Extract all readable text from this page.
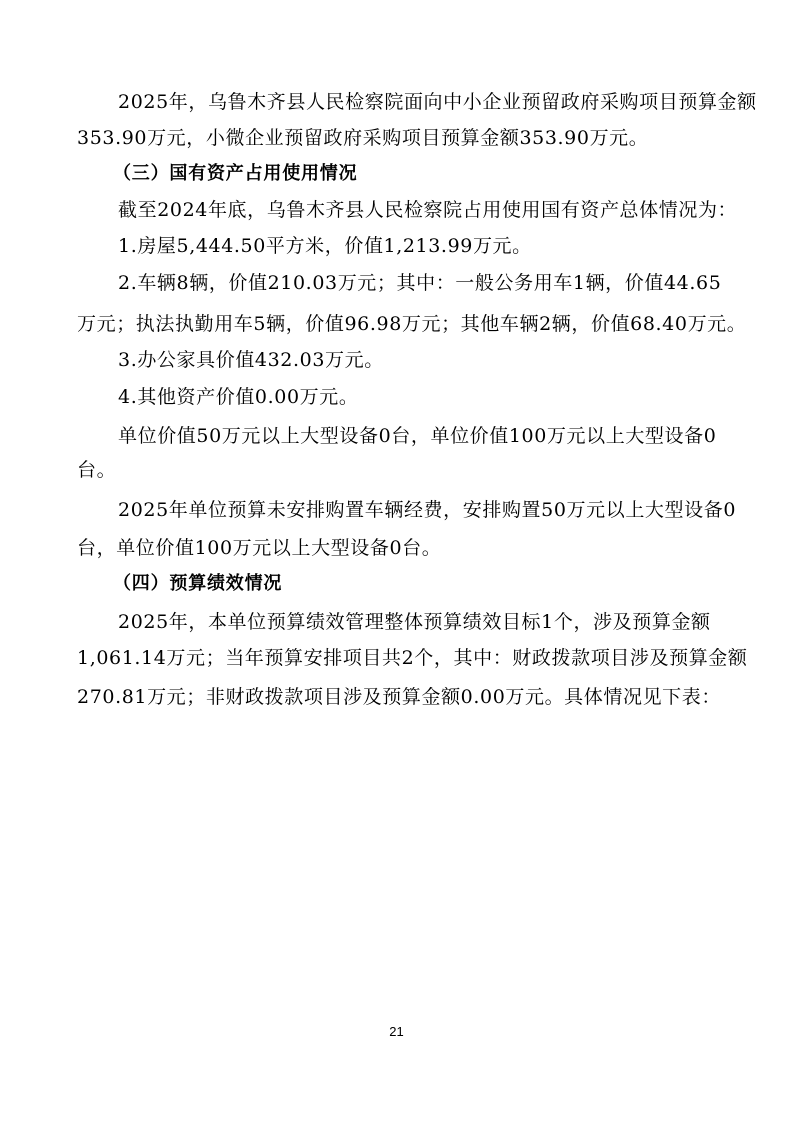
2025年，乌鲁木齐县人民检察院面向中小企业预留政府采购项目预算金额
353.90万元，小微企业预留政府采购项目预算金额353.90万元。
（三）国有资产占用使用情况
截至2024年底，乌鲁木齐县人民检察院占用使用国有资产总体情况为：
1.房屋5,444.50平方米，价值1,213.99万元。
2.车辆8辆，价值210.03万元；其中：一般公务用车1辆，价值44.65
万元；执法执勤用车5辆，价值96.98万元；其他车辆2辆，价值68.40万元。
3.办公家具价值432.03万元。
4.其他资产价值0.00万元。
单位价值50万元以上大型设备0台，单位价值100万元以上大型设备0
台。
2025年单位预算未安排购置车辆经费，安排购置50万元以上大型设备0
台，单位价值100万元以上大型设备0台。
（四）预算绩效情况
2025年，本单位预算绩效管理整体预算绩效目标1个，涉及预算金额
1,061.14万元；当年预算安排项目共2个，其中：财政拨款项目涉及预算金额
270.81万元；非财政拨款项目涉及预算金额0.00万元。具体情况见下表：
21
